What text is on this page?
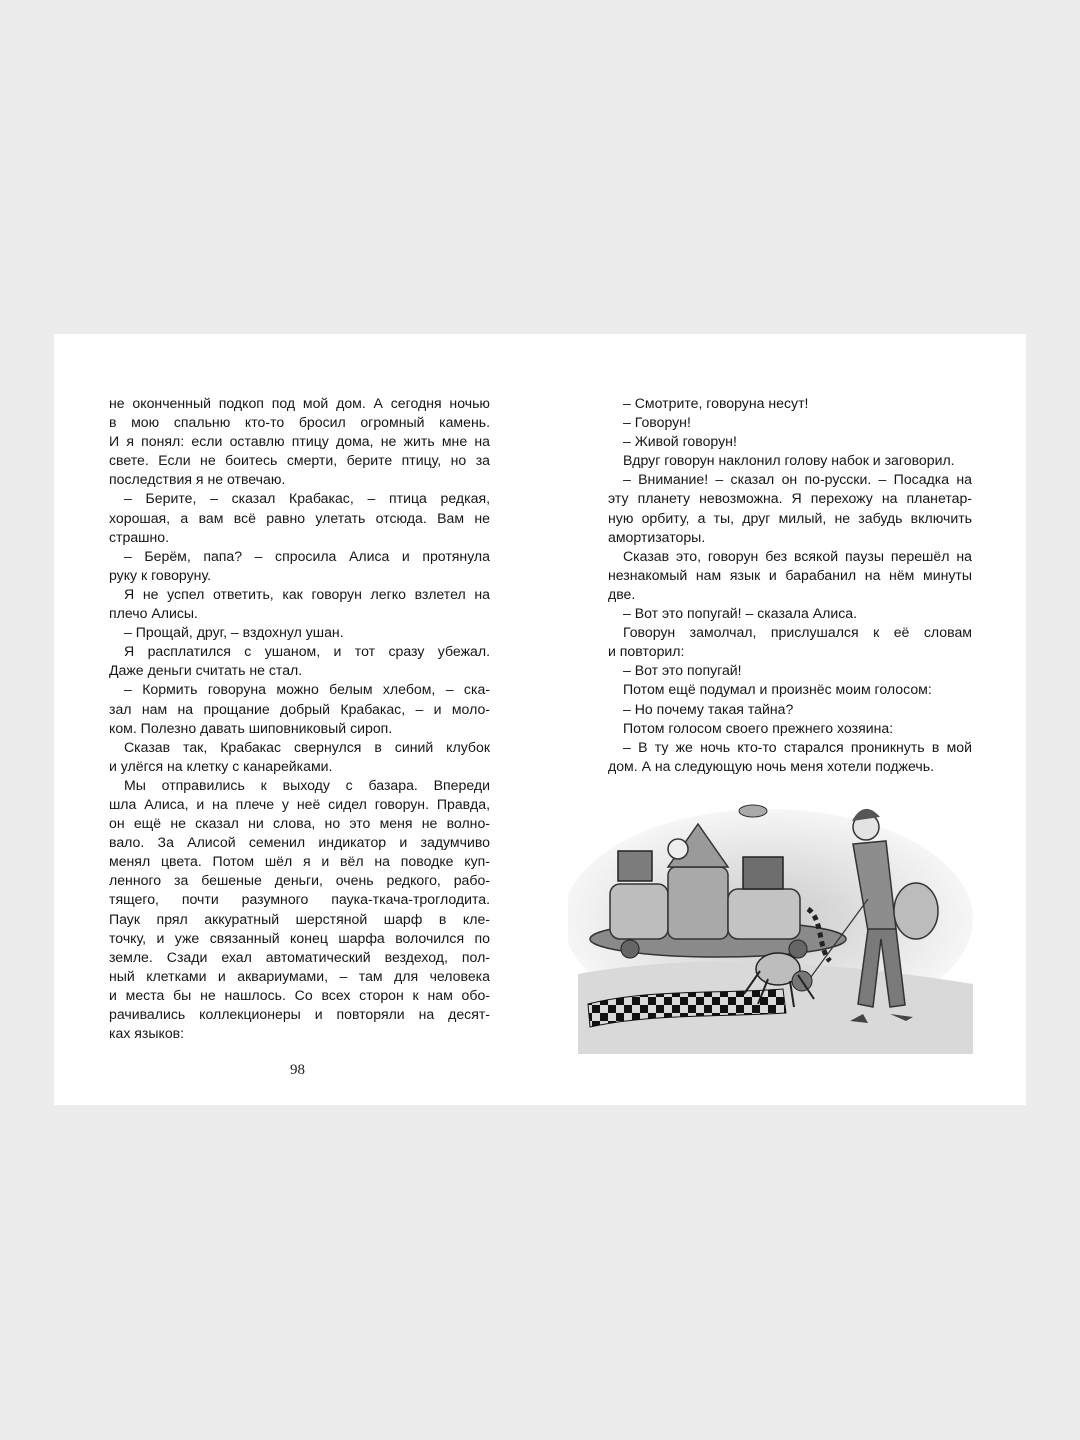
не оконченный подкоп под мой дом. А сегодня ночью
в мою спальню кто-то бросил огромный камень.
И я понял: если оставлю птицу дома, не жить мне на
свете. Если не боитесь смерти, берите птицу, но за
последствия я не отвечаю.
– Берите, – сказал Крабакас, – птица редкая,
хорошая, а вам всё равно улетать отсюда. Вам не
страшно.
– Берём, папа? – спросила Алиса и протянула
руку к говоруну.
Я не успел ответить, как говорун легко взлетел на
плечо Алисы.
– Прощай, друг, – вздохнул ушан.
Я расплатился с ушаном, и тот сразу убежал.
Даже деньги считать не стал.
– Кормить говоруна можно белым хлебом, – ска-
зал нам на прощание добрый Крабакас, – и моло-
ком. Полезно давать шиповниковый сироп.
Сказав так, Крабакас свернулся в синий клубок
и улёгся на клетку с канарейками.
Мы отправились к выходу с базара. Впереди
шла Алиса, и на плече у неё сидел говорун. Правда,
он ещё не сказал ни слова, но это меня не волно-
вало. За Алисой семенил индикатор и задумчиво
менял цвета. Потом шёл я и вёл на поводке куп-
ленного за бешеные деньги, очень редкого, рабо-
тящего, почти разумного паука-ткача-троглодита.
Паук прял аккуратный шерстяной шарф в кле-
точку, и уже связанный конец шарфа волочился по
земле. Сзади ехал автоматический вездеход, пол-
ный клетками и аквариумами, – там для человека
и места бы не нашлось. Со всех сторон к нам обо-
рачивались коллекционеры и повторяли на десят-
ках языков:
98
– Смотрите, говоруна несут!
– Говорун!
– Живой говорун!
Вдруг говорун наклонил голову набок и заговорил.
– Внимание! – сказал он по-русски. – Посадка на
эту планету невозможна. Я перехожу на планетар-
ную орбиту, а ты, друг милый, не забудь включить
амортизаторы.
Сказав это, говорун без всякой паузы перешёл на
незнакомый нам язык и барабанил на нём минуты
две.
– Вот это попугай! – сказала Алиса.
Говорун замолчал, прислушался к её словам
и повторил:
– Вот это попугай!
Потом ещё подумал и произнёс моим голосом:
– Но почему такая тайна?
Потом голосом своего прежнего хозяина:
– В ту же ночь кто-то старался проникнуть в мой
дом. А на следующую ночь меня хотели поджечь.
